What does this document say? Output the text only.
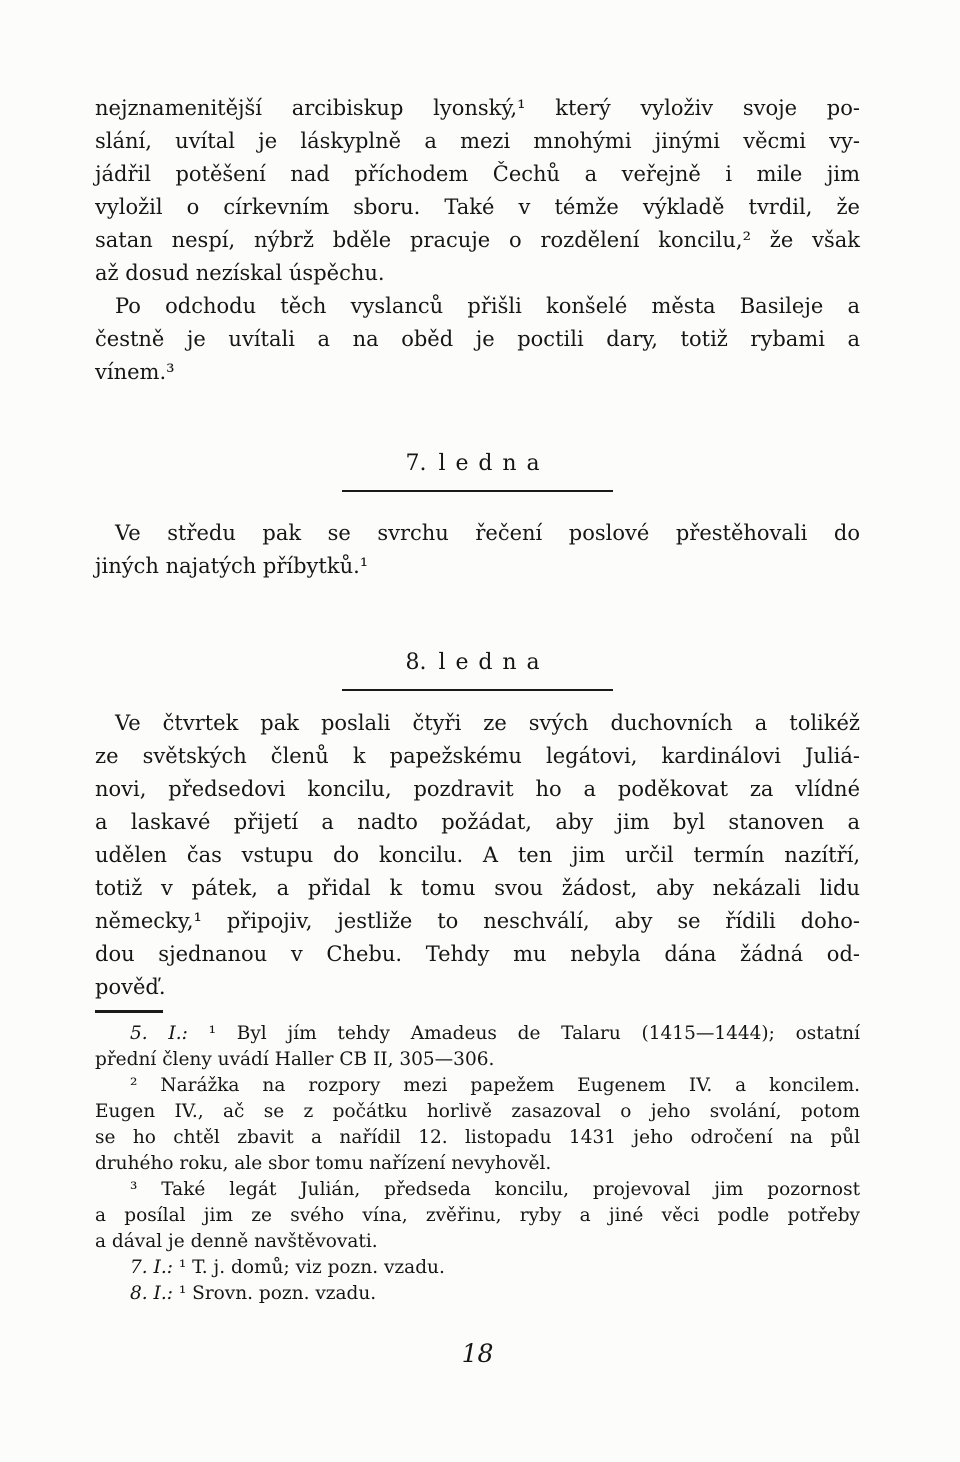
nejznamenitější arcibiskup lyonský,¹ který vyloživ svoje po-
slání, uvítal je láskyplně a mezi mnohými jinými věcmi vy-
jádřil potěšení nad příchodem Čechů a veřejně i mile jim
vyložil o církevním sboru. Také v témže výkladě tvrdil, že
satan nespí, nýbrž bděle pracuje o rozdělení koncilu,² že však
až dosud nezískal úspěchu.
Po odchodu těch vyslanců přišli konšelé města Basileje a
čestně je uvítali a na oběd je poctili dary, totiž rybami a
vínem.³
7. ledna
Ve středu pak se svrchu řečení poslové přestěhovali do
jiných najatých příbytků.¹
8. ledna
Ve čtvrtek pak poslali čtyři ze svých duchovních a tolikéž
ze světských členů k papežskému legátovi, kardinálovi Juliá-
novi, předsedovi koncilu, pozdravit ho a poděkovat za vlídné
a laskavé přijetí a nadto požádat, aby jim byl stanoven a
udělen čas vstupu do koncilu. A ten jim určil termín nazítří,
totiž v pátek, a přidal k tomu svou žádost, aby nekázali lidu
německy,¹ připojiv, jestliže to neschválí, aby se řídili doho-
dou sjednanou v Chebu. Tehdy mu nebyla dána žádná od-
pověď.
5. I.: ¹ Byl jím tehdy Amadeus de Talaru (1415—1444); ostatní
přední členy uvádí Haller CB II, 305—306.
² Narážka na rozpory mezi papežem Eugenem IV. a koncilem.
Eugen IV., ač se z počátku horlivě zasazoval o jeho svolání, potom
se ho chtěl zbavit a nařídil 12. listopadu 1431 jeho odročení na půl
druhého roku, ale sbor tomu nařízení nevyhověl.
³ Také legát Julián, předseda koncilu, projevoval jim pozornost
a posílal jim ze svého vína, zvěřinu, ryby a jiné věci podle potřeby
a dával je denně navštěvovati.
7. I.: ¹ T. j. domů; viz pozn. vzadu.
8. I.: ¹ Srovn. pozn. vzadu.
18
